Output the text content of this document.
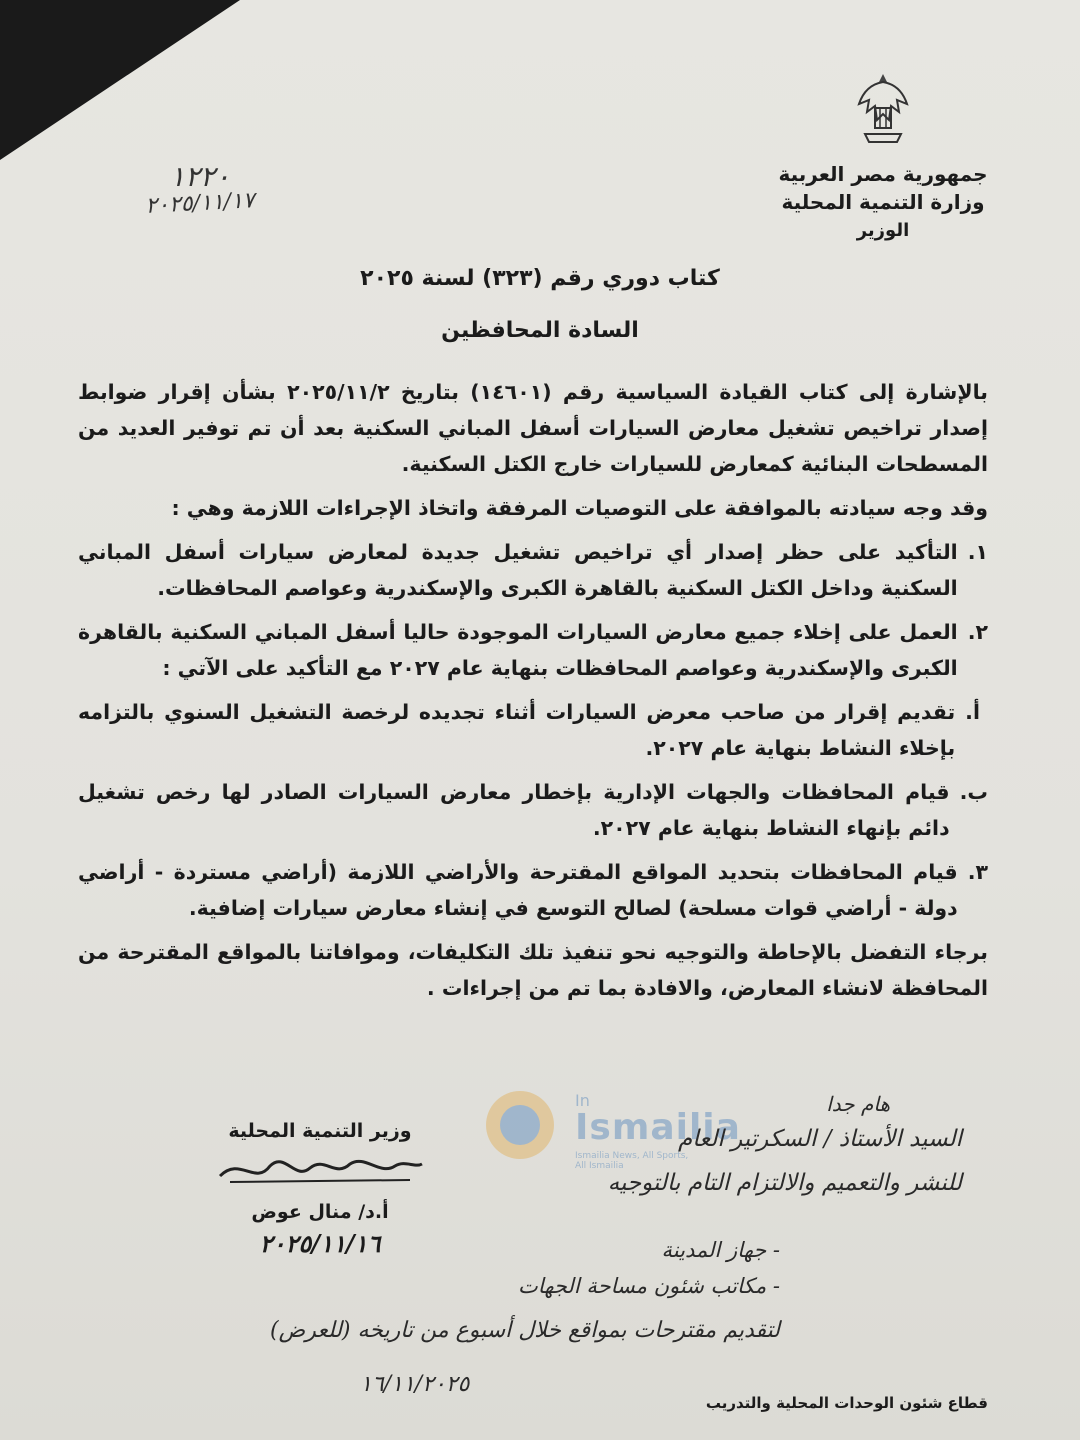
جمهورية مصر العربية
وزارة التنمية المحلية
الوزير
١٢٢٠
٢٠٢٥/١١/١٧
كتاب دوري رقم (٣٢٣) لسنة ٢٠٢٥
السادة المحافظين

بالإشارة إلى كتاب القيادة السياسية رقم (١٤٦٠١) بتاريخ ٢٠٢٥/١١/٢ بشأن إقرار ضوابط إصدار تراخيص تشغيل معارض السيارات أسفل المباني السكنية بعد أن تم توفير العديد من المسطحات البنائية كمعارض للسيارات خارج الكتل السكنية.

وقد وجه سيادته بالموافقة على التوصيات المرفقة واتخاذ الإجراءات اللازمة وهي :

١.
التأكيد على حظر إصدار أي تراخيص تشغيل جديدة لمعارض سيارات أسفل المباني السكنية وداخل الكتل السكنية بالقاهرة الكبرى والإسكندرية وعواصم المحافظات.
٢.
العمل على إخلاء جميع معارض السيارات الموجودة حاليا أسفل المباني السكنية بالقاهرة الكبرى والإسكندرية وعواصم المحافظات بنهاية عام ٢٠٢٧ مع التأكيد على الآتي :
أ.
تقديم إقرار من صاحب معرض السيارات أثناء تجديده لرخصة التشغيل السنوي بالتزامه بإخلاء النشاط بنهاية عام ٢٠٢٧.
ب.
قيام المحافظات والجهات الإدارية بإخطار معارض السيارات الصادر لها رخص تشغيل دائم بإنهاء النشاط بنهاية عام ٢٠٢٧.
٣.
قيام المحافظات بتحديد المواقع المقترحة والأراضي اللازمة (أراضي مستردة - أراضي دولة - أراضي قوات مسلحة) لصالح التوسع في إنشاء معارض سيارات إضافية.

برجاء التفضل بالإحاطة والتوجيه نحو تنفيذ تلك التكليفات، وموافاتنا بالمواقع المقترحة من المحافظة لانشاء المعارض، والافادة بما تم من إجراءات .

In
Ismailia
Ismailia News, All Sports, All Ismailia
وزير التنمية المحلية
أ.د/ منال عوض
٢٠٢٥/١١/١٦
هام جدا
السيد الأستاذ / السكرتير العام
للنشر والتعميم والالتزام التام بالتوجيه
- جهاز المدينة
- مكاتب شئون مساحة الجهات
لتقديم مقترحات بمواقع خلال أسبوع من تاريخه (للعرض)
١٦/١١/٢٠٢٥
قطاع شئون الوحدات المحلية والتدريب
